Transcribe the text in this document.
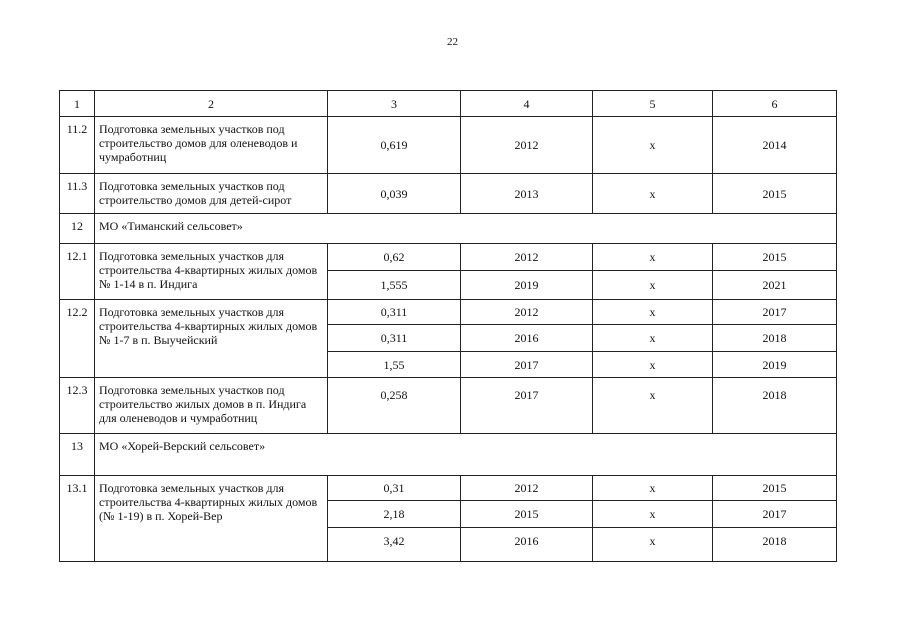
22
1	2	3	4	5	6
11.2	Подготовка земельных участков под строительство домов для оленеводов и чумработниц	0,619	2012	х	2014
11.3	Подготовка земельных участков под строительство домов для детей-сирот	0,039	2013	х	2015
12	МО «Тиманский сельсовет»				
12.1	Подготовка земельных участков для строительства 4-квартирных жилых домов № 1-14 в п. Индига	0,62	2012	х	2015
		1,555	2019	х	2021
12.2	Подготовка земельных участков для строительства 4-квартирных жилых домов № 1-7 в п. Выучейский	0,311	2012	х	2017
		0,311	2016	х	2018
		1,55	2017	х	2019
12.3	Подготовка земельных участков под строительство жилых домов в п. Индига для оленеводов и чумработниц	0,258	2017	х	2018
13	МО «Хорей-Верский сельсовет»				
13.1	Подготовка земельных участков для строительства 4-квартирных жилых домов (№ 1-19) в п. Хорей-Вер	0,31	2012	х	2015
		2,18	2015	х	2017
		3,42	2016	х	2018
